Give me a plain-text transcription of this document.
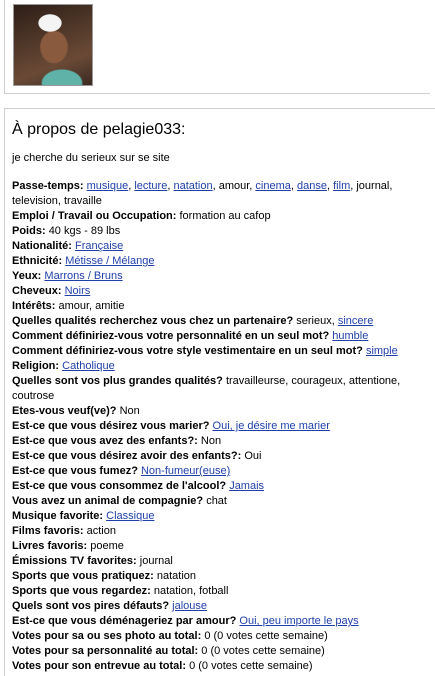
À propos de pelagie033:
je cherche du serieux sur se site
Passe-temps: musique, lecture, natation, amour, cinema, danse, film, journal, television, travaille
Emploi / Travail ou Occupation: formation au cafop
Poids: 40 kgs - 89 lbs
Nationalité: Française
Ethnicité: Métisse / Mélange
Yeux: Marrons / Bruns
Cheveux: Noirs
Intérêts: amour, amitie
Quelles qualités recherchez vous chez un partenaire? serieux, sincere
Comment définiriez-vous votre personnalité en un seul mot? humble
Comment définiriez-vous votre style vestimentaire en un seul mot? simple
Religion: Catholique
Quelles sont vos plus grandes qualités? travailleurse, courageux, attentione, coutrose
Etes-vous veuf(ve)? Non
Est-ce que vous désirez vous marier? Oui, je désire me marier
Est-ce que vous avez des enfants?: Non
Est-ce que vous désirez avoir des enfants?: Oui
Est-ce que vous fumez? Non-fumeur(euse)
Est-ce que vous consommez de l'alcool? Jamais
Vous avez un animal de compagnie? chat
Musique favorite: Classique
Films favoris: action
Livres favoris: poeme
Émissions TV favorites: journal
Sports que vous pratiquez: natation
Sports que vous regardez: natation, fotball
Quels sont vos pires défauts? jalouse
Est-ce que vous déménageriez par amour? Oui, peu importe le pays
Votes pour sa ou ses photo au total: 0 (0 votes cette semaine)
Votes pour sa personnalité au total: 0 (0 votes cette semaine)
Votes pour son entrevue au total: 0 (0 votes cette semaine)
